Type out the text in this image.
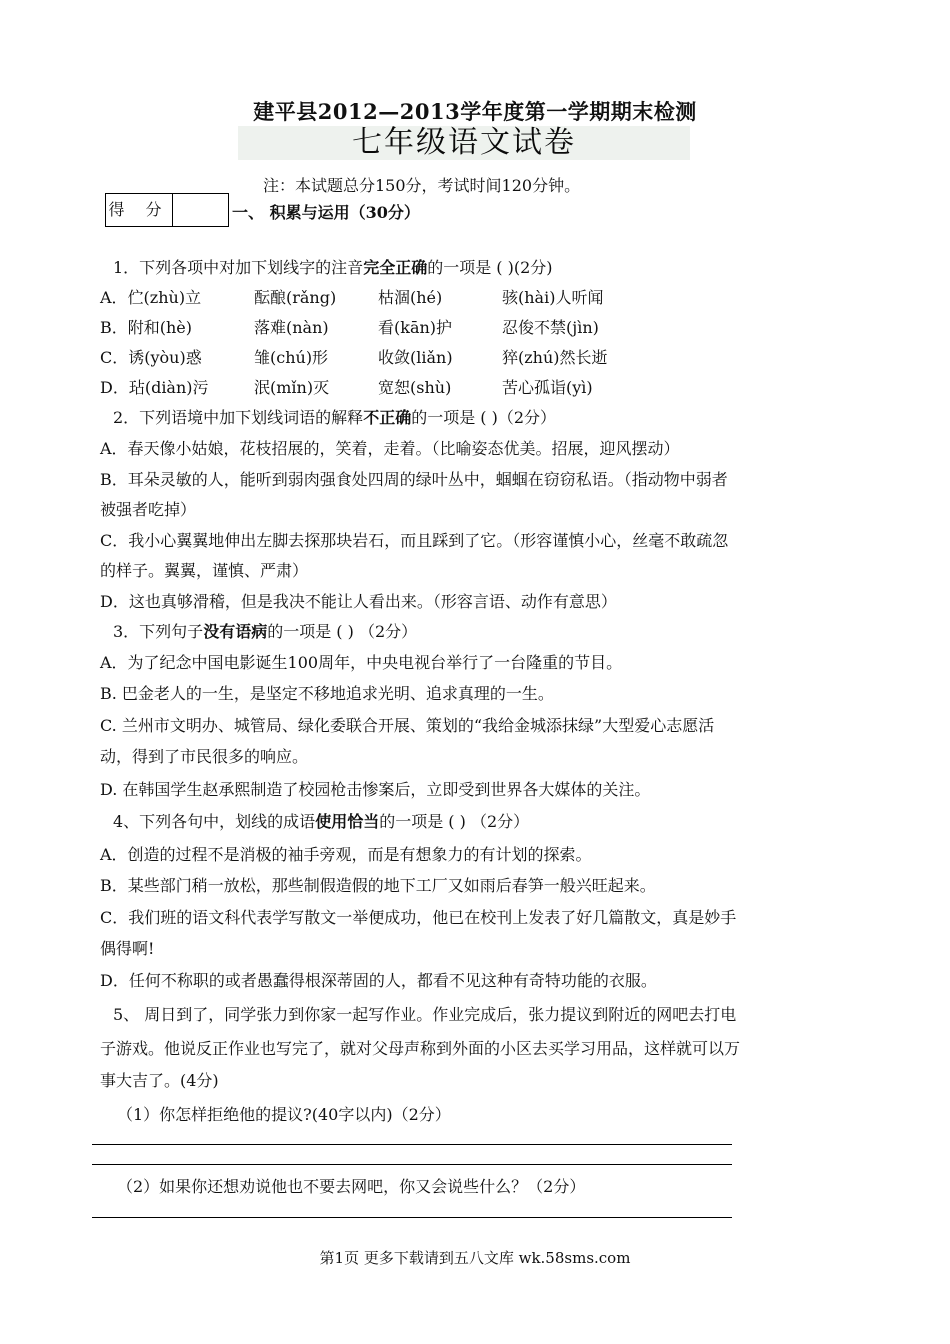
建平县2012—2013学年度第一学期期末检测
七年级语文试卷
注：本试题总分150分，考试时间120分钟。
得 分	一、 积累与运用（30分）
1．下列各项中对加下划线字的注音完全正确的一项是 ( )(2分)
A．伫(zhù)立	酝酿(rǎng)	枯涸(hé)	骇(hài)人听闻
B．附和(hè)	落难(nàn)	看(kān)护	忍俊不禁(jìn)
C．诱(yòu)惑	雏(chú)形	收敛(liǎn)	猝(zhú)然长逝
D．玷(diàn)污	泯(mǐn)灭	宽恕(shù)	苦心孤诣(yì)
2．下列语境中加下划线词语的解释不正确的一项是 ( )（2分）
A．春天像小姑娘，花枝招展的，笑着，走着。（比喻姿态优美。招展，迎风摆动）
B．耳朵灵敏的人，能听到弱肉强食处四周的绿叶丛中，蝈蝈在窃窃私语。（指动物中弱者
被强者吃掉）
C．我小心翼翼地伸出左脚去探那块岩石，而且踩到了它。（形容谨慎小心，丝毫不敢疏忽
的样子。翼翼，谨慎、严肃）
D．这也真够滑稽，但是我决不能让人看出来。（形容言语、动作有意思）
3．下列句子没有语病的一项是 ( ) （2分）
A．为了纪念中国电影诞生100周年，中央电视台举行了一台隆重的节目。
B. 巴金老人的一生，是坚定不移地追求光明、追求真理的一生。
C. 兰州市文明办、城管局、绿化委联合开展、策划的“我给金城添抹绿”大型爱心志愿活
动，得到了市民很多的响应。
D. 在韩国学生赵承熙制造了校园枪击惨案后，立即受到世界各大媒体的关注。
4、下列各句中，划线的成语使用恰当的一项是 ( ) （2分）
A．创造的过程不是消极的袖手旁观，而是有想象力的有计划的探索。
B．某些部门稍一放松，那些制假造假的地下工厂又如雨后春笋一般兴旺起来。
C．我们班的语文科代表学写散文一举便成功，他已在校刊上发表了好几篇散文，真是妙手
偶得啊!
D．任何不称职的或者愚蠢得根深蒂固的人，都看不见这种有奇特功能的衣服。
5、 周日到了，同学张力到你家一起写作业。作业完成后，张力提议到附近的网吧去打电
子游戏。他说反正作业也写完了，就对父母声称到外面的小区去买学习用品，这样就可以万
事大吉了。(4分)
（1）你怎样拒绝他的提议?(40字以内)（2分）
（2）如果你还想劝说他也不要去网吧，你又会说些什么？（2分）
第1页 更多下载请到五八文库 wk.58sms.com
